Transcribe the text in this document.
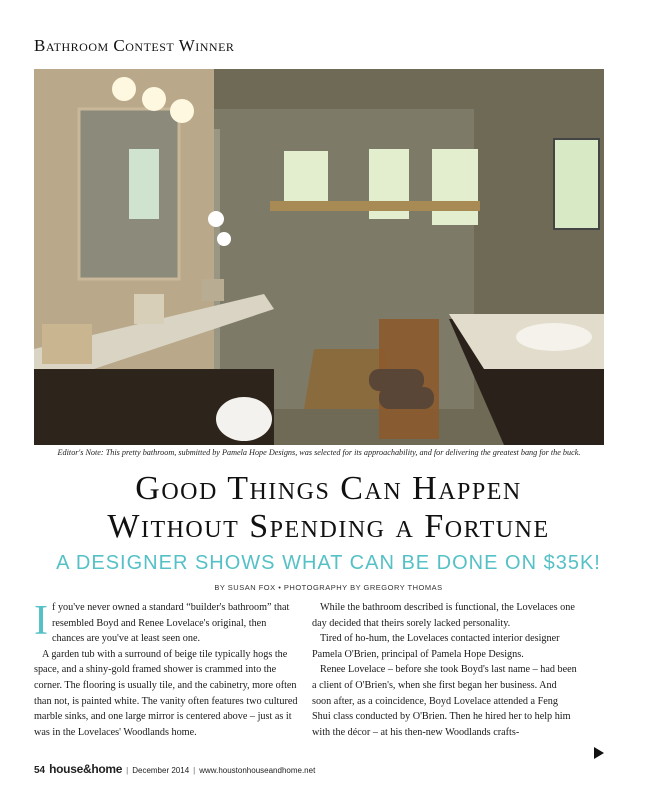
Bathroom Contest Winner
Editor's Note: This pretty bathroom, submitted by Pamela Hope Designs, was selected for its approachability, and for delivering the greatest bang for the buck.
Good Things Can Happen
Without Spending a Fortune
A DESIGNER SHOWS WHAT CAN BE DONE ON $35K!
BY SUSAN FOX • PHOTOGRAPHY BY GREGORY THOMAS

If you've never owned a standard “builder's bathroom” that resembled Boyd and Renee Lovelace's original, then chances are you've at least seen one.

A garden tub with a surround of beige tile typically hogs the space, and a shiny-gold framed shower is crammed into the corner. The flooring is usually tile, and the cabinetry, more often than not, is painted white. The vanity often features two cultured marble sinks, and one large mirror is centered above – just as it was in the Lovelaces' Woodlands home.

While the bathroom described is functional, the Lovelaces one day decided that theirs sorely lacked personality.

Tired of ho-hum, the Lovelaces contacted interior designer Pamela O'Brien, principal of Pamela Hope Designs.

Renee Lovelace – before she took Boyd's last name – had been a client of O'Brien's, when she first began her business. And soon after, as a coincidence, Boyd Lovelace attended a Feng Shui class conducted by O'Brien. Then he hired her to help him with the décor – at his then-new Woodlands crafts-

54 house&home | December 2014 | www.houstonhouseandhome.net
